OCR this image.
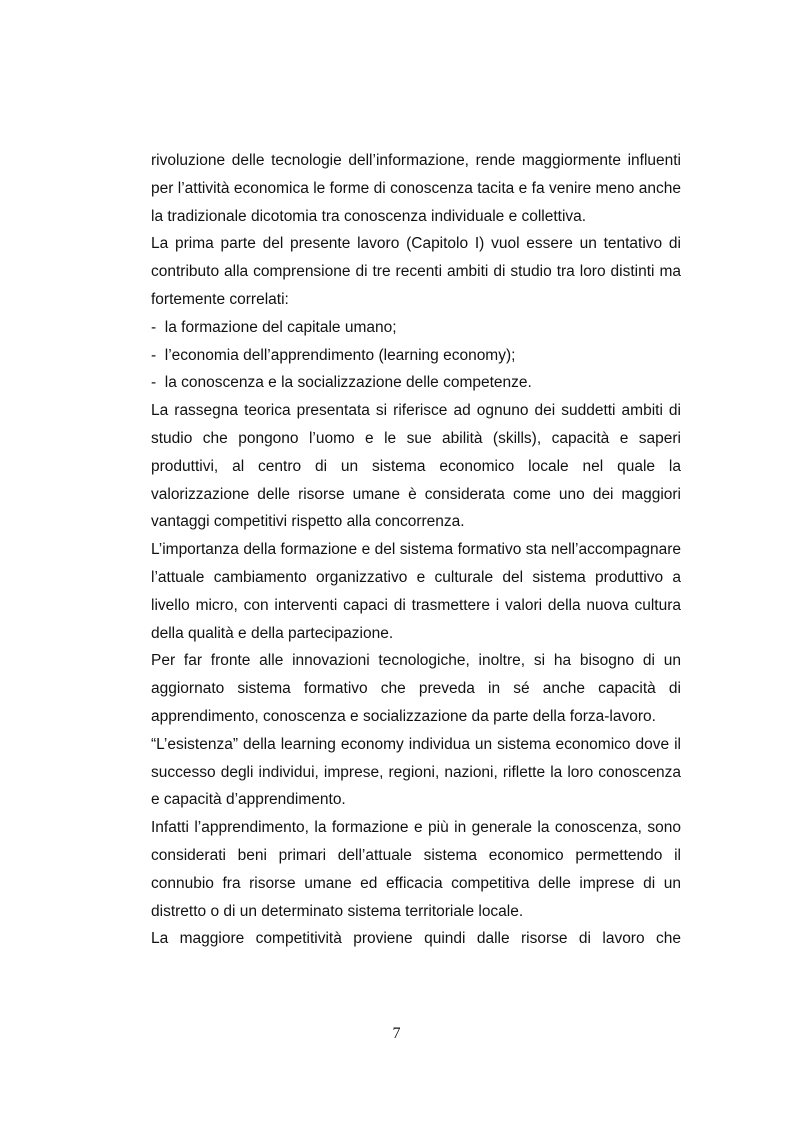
rivoluzione delle tecnologie dell’informazione, rende maggiormente influenti per l’attività economica le forme di conoscenza tacita e fa venire meno anche la tradizionale dicotomia tra conoscenza individuale e collettiva.

La prima parte del presente lavoro (Capitolo I) vuol essere un tentativo di contributo alla comprensione di tre recenti ambiti di studio tra loro distinti ma fortemente correlati:

-  la formazione del capitale umano;

-  l’economia dell’apprendimento (learning economy);

-  la conoscenza e la socializzazione delle competenze.

La rassegna teorica presentata si riferisce ad ognuno dei suddetti ambiti di studio che pongono l’uomo e le sue abilità (skills), capacità e saperi produttivi, al centro di un sistema economico locale nel quale la valorizzazione delle risorse umane è considerata come uno dei maggiori vantaggi competitivi rispetto alla concorrenza.

L’importanza della formazione e del sistema formativo sta nell’accompagnare l’attuale cambiamento organizzativo e culturale del sistema produttivo a livello micro, con interventi capaci di trasmettere i valori della nuova cultura della qualità e della partecipazione.

Per far fronte alle innovazioni tecnologiche, inoltre, si ha bisogno di un aggiornato sistema formativo che preveda in sé anche capacità di apprendimento, conoscenza e socializzazione da parte della forza-lavoro.

“L’esistenza” della learning economy individua un sistema economico dove il successo degli individui, imprese, regioni, nazioni, riflette la loro conoscenza e capacità d’apprendimento.

Infatti l’apprendimento, la formazione e più in generale la conoscenza, sono considerati beni primari dell’attuale sistema economico permettendo il connubio fra risorse umane ed efficacia competitiva delle imprese di un distretto o di un determinato sistema territoriale locale.

La maggiore competitività proviene quindi dalle risorse di lavoro che

7
